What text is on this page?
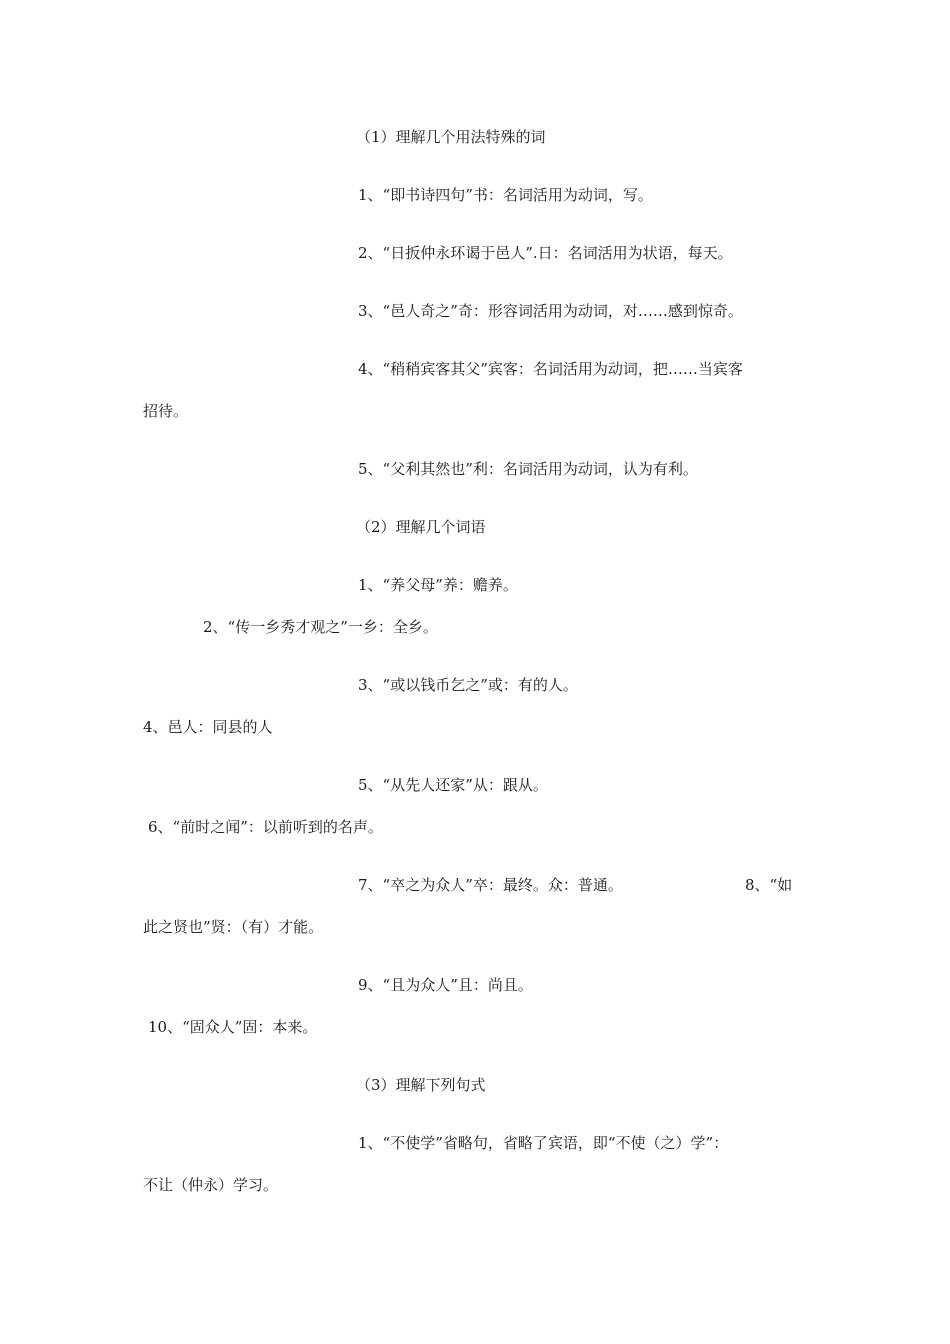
（1）理解几个用法特殊的词
1、“即书诗四句”书：名词活用为动词，写。
2、“日扳仲永环谒于邑人”.日：名词活用为状语，每天。
3、“邑人奇之”奇：形容词活用为动词，对……感到惊奇。
4、“稍稍宾客其父”宾客：名词活用为动词，把……当宾客
招待。
5、“父利其然也”利：名词活用为动词，认为有利。
（2）理解几个词语
1、“养父母”养：赡养。
2、“传一乡秀才观之”一乡：全乡。
3、“或以钱币乞之”或：有的人。
4、邑人：同县的人
5、“从先人还家”从：跟从。
6、“前时之闻”：以前听到的名声。
7、“卒之为众人”卒：最终。众：普通。	8、“如
此之贤也”贤：（有）才能。
9、“且为众人”且：尚且。
10、“固众人”固：本来。
（3）理解下列句式
1、“不使学”省略句，省略了宾语，即“不使（之）学”：
不让（仲永）学习。
